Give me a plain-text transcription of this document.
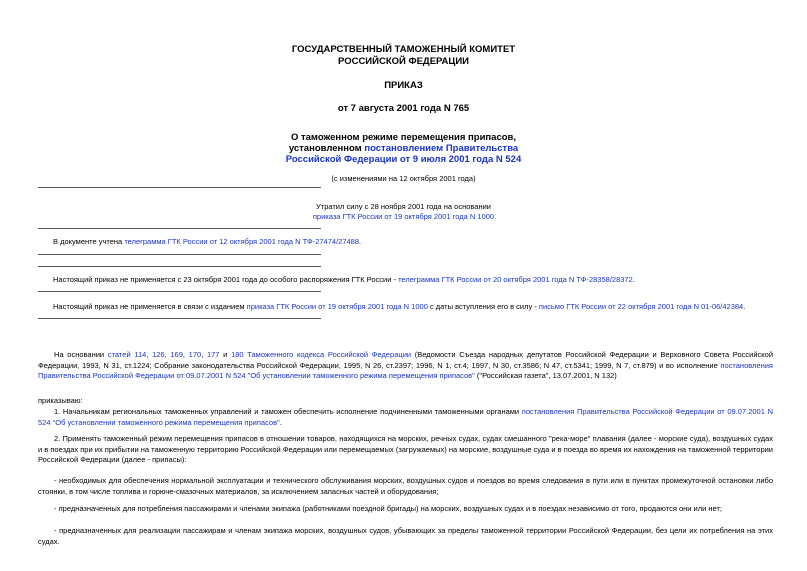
ГОСУДАРСТВЕННЫЙ ТАМОЖЕННЫЙ КОМИТЕТ
РОССИЙСКОЙ ФЕДЕРАЦИИ
ПРИКАЗ
от 7 августа 2001 года N 765
О таможенном режиме перемещения припасов,
установленном постановлением Правительства
Российской Федерации от 9 июля 2001 года N 524
(с изменениями на 12 октября 2001 года)
Утратил силу с 28 ноября 2001 года на основании
приказа ГТК России от 19 октября 2001 года N 1000
В документе учтена телеграмма ГТК России от 12 октября 2001 года N ТФ-27474/27488.
Настоящий приказ не применяется с 23 октября 2001 года до особого распоряжения ГТК России - телеграмма ГТК России от 20 октября 2001 года N ТФ-28358/28372.
Настоящий приказ не применяется в связи с изданием приказа ГТК России от 19 октября 2001 года N 1000 с даты вступления его в силу - письмо ГТК России от 22 октября 2001 года N 01-06/42384.
На основании статей 114, 126, 169, 170, 177 и 180 Таможенного кодекса Российской Федерации (Ведомости Съезда народных депутатов Российской Федерации и Верховного Совета Российской Федерации, 1993, N 31, ст.1224; Собрание законодательства Российской Федерации, 1995, N 26, ст.2397; 1996, N 1, ст.4; 1997, N 30, ст.3586; N 47, ст.5341; 1999, N 7, ст.879) и во исполнение постановления Правительства Российской Федерации от 09.07.2001 N 524 "Об установлении таможенного режима перемещения припасов" ("Российская газета", 13.07.2001, N 132)
приказываю:
1. Начальникам региональных таможенных управлений и таможен обеспечить исполнение подчиненными таможенными органами постановления Правительства Российской Федерации от 09.07.2001 N 524 "Об установлении таможенного режима перемещения припасов".
2. Применять таможенный режим перемещения припасов в отношении товаров, находящихся на морских, речных судах, судах смешанного "река-море" плавания (далее - морские суда), воздушных судах и в поездах при их прибытии на таможенную территорию Российской Федерации или перемещаемых (загружаемых) на морские, воздушные суда и в поезда во время их нахождения на таможенной территории Российской Федерации (далее - припасы):
- необходимых для обеспечения нормальной эксплуатации и технического обслуживания морских, воздушных судов и поездов во время следования в пути или в пунктах промежуточной остановки либо стоянки, в том числе топлива и горюче-смазочных материалов, за исключением запасных частей и оборудования;
- предназначенных для потребления пассажирами и членами экипажа (работниками поездной бригады) на морских, воздушных судах и в поездах независимо от того, продаются они или нет;
- предназначенных для реализации пассажирам и членам экипажа морских, воздушных судов, убывающих за пределы таможенной территории Российской Федерации, без цели их потребления на этих судах.
